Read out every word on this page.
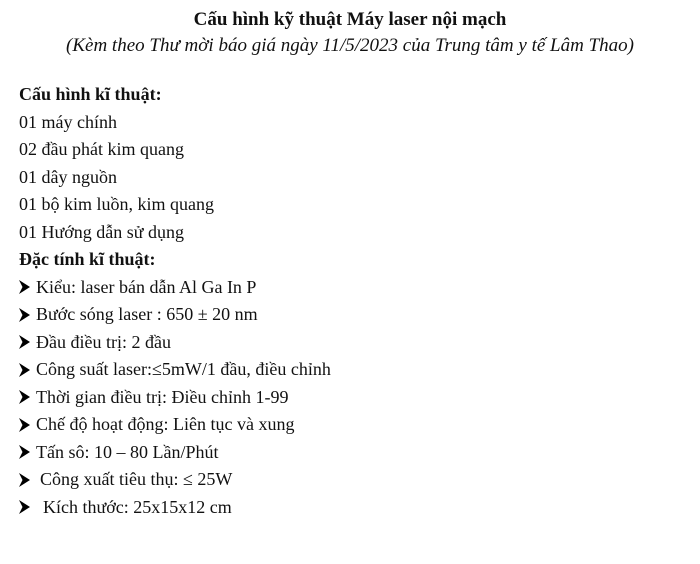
Cấu hình kỹ thuật Máy laser nội mạch
(Kèm theo Thư mời báo giá ngày 11/5/2023 của Trung tâm y tế Lâm Thao)
Cấu hình kĩ thuật:
01 máy chính
02 đầu phát kim quang
01 dây nguồn
01 bộ kim luồn, kim quang
01 Hướng dẫn sử dụng
Đặc tính kĩ thuật:
Kiểu: laser bán dẫn Al Ga In P
Bước sóng laser : 650 ± 20 nm
Đầu điều trị: 2 đầu
Công suất laser:≤5mW/1 đầu, điều chỉnh
Thời gian điều trị: Điều chỉnh 1-99
Chế độ hoạt động: Liên tục và xung
Tấn sô: 10 – 80 Lần/Phút
Công xuất tiêu thụ: ≤ 25W
Kích thước: 25x15x12 cm
